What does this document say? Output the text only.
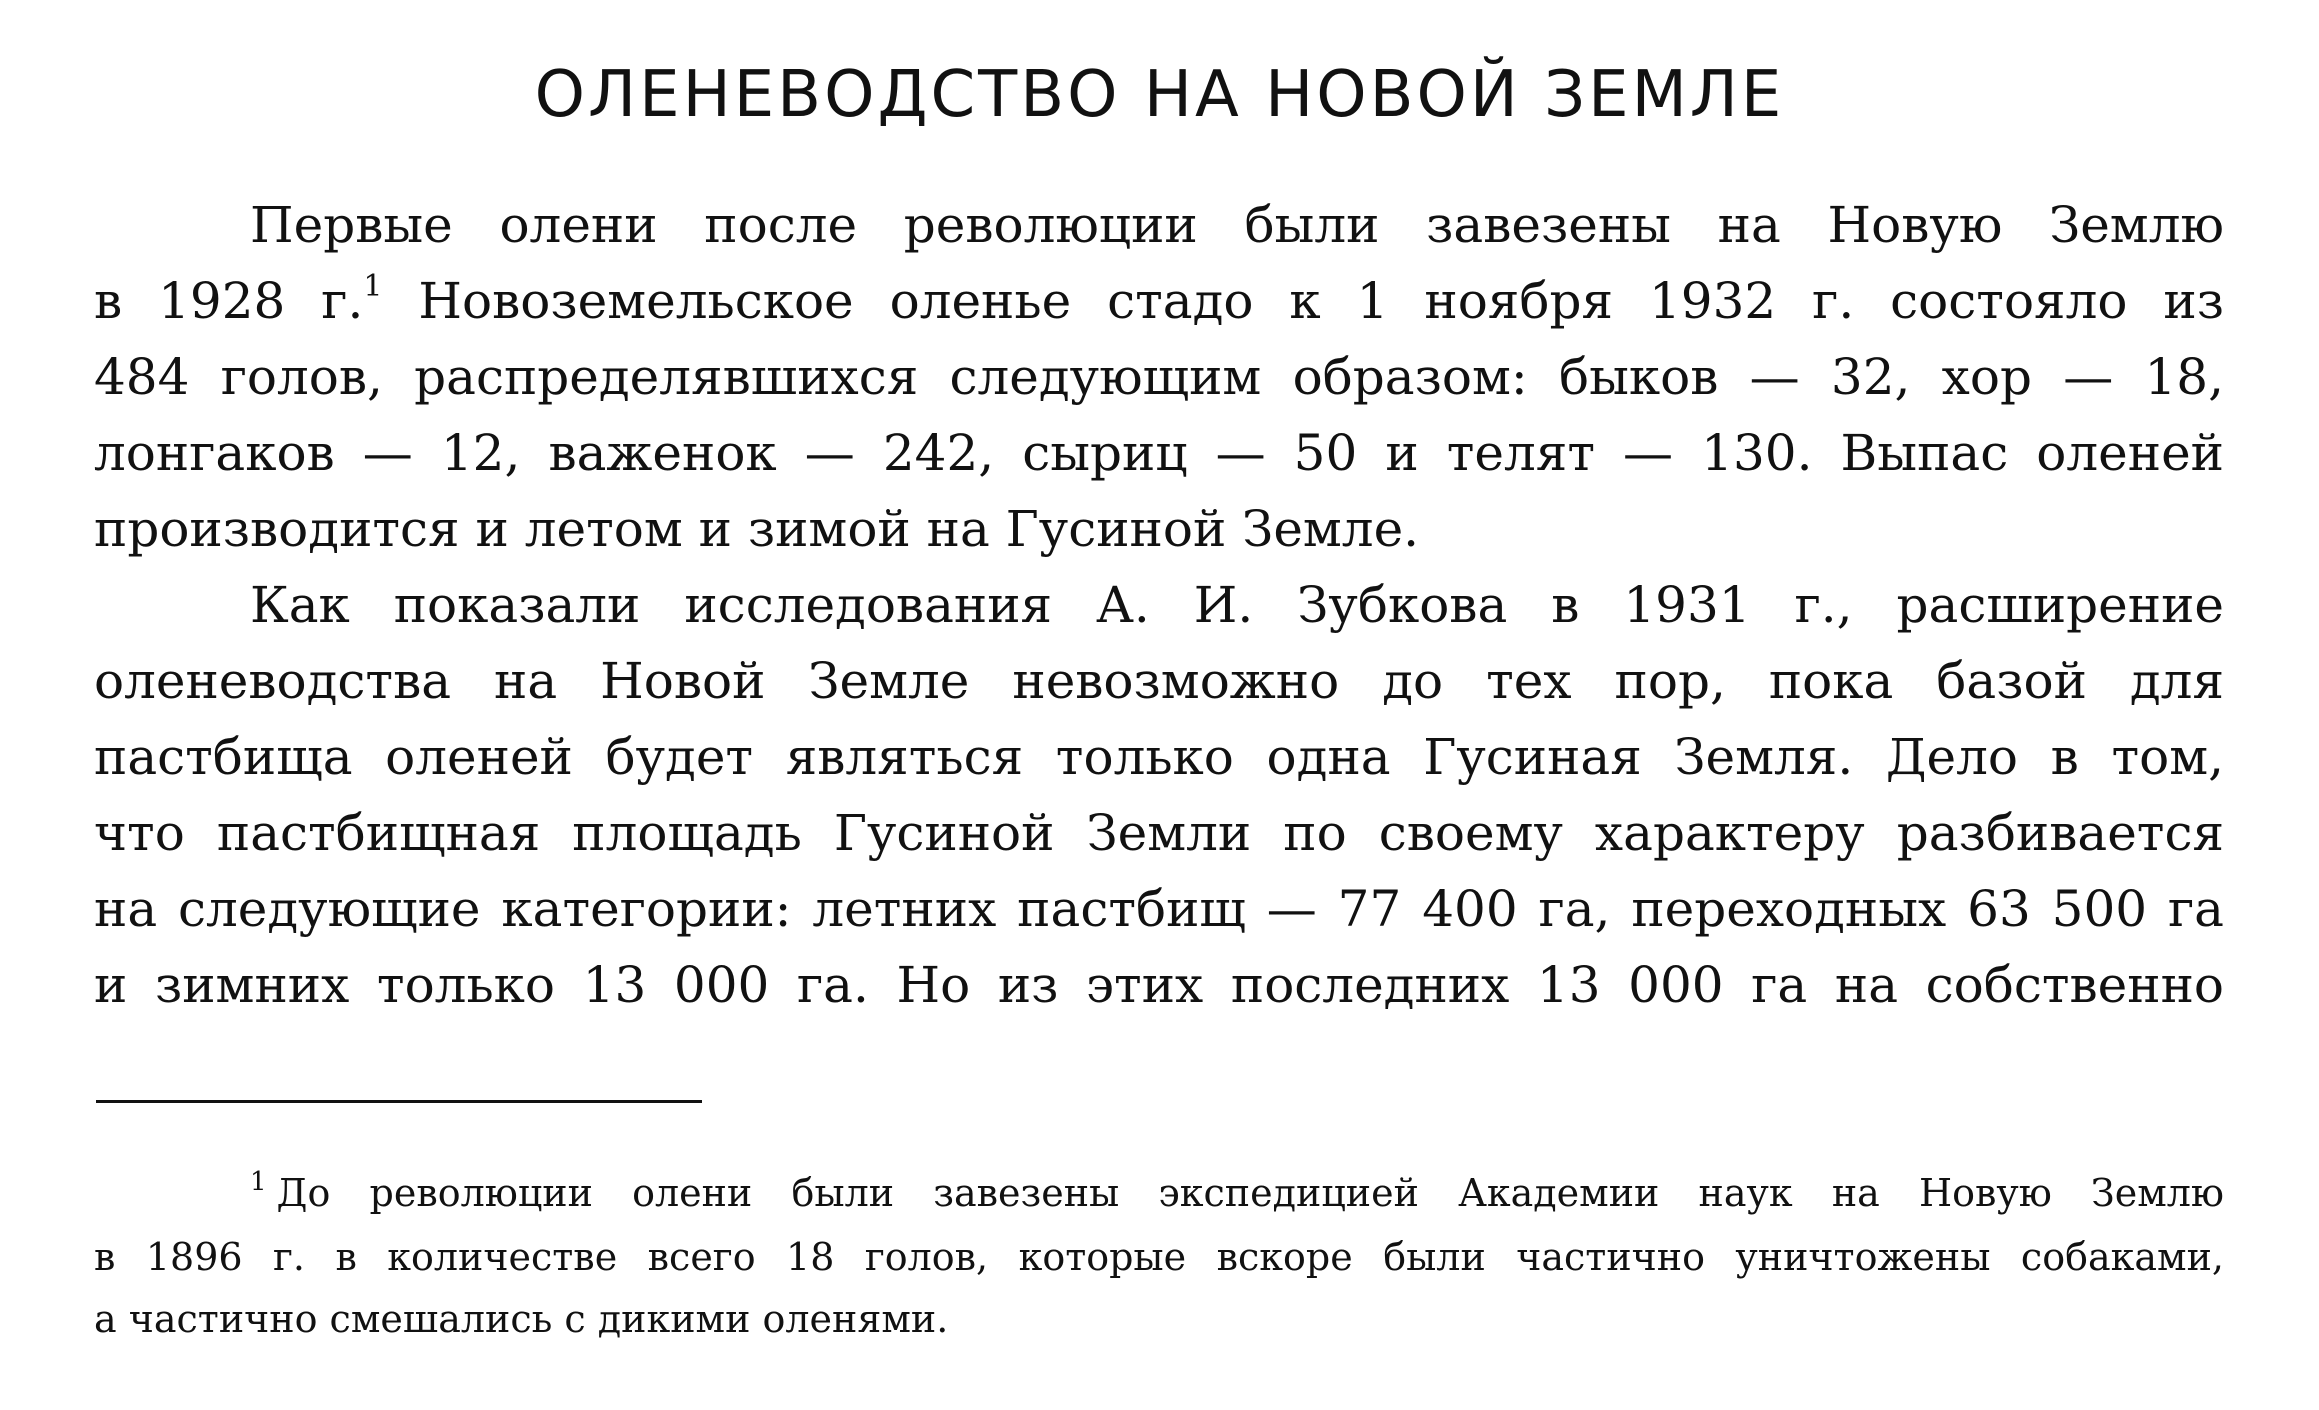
ОЛЕНЕВОДСТВО НА НОВОЙ ЗЕМЛЕ
Первые олени после революции были завезены на Новую Землю
в 1928 г.$^1$ Новоземельское оленье стадо к 1 ноября 1932 г. состояло из
484 голов, распределявшихся следующим образом: быков — 32, хор — 18,
лонгаков — 12, важенок — 242, сыриц — 50 и телят — 130. Выпас оленей
производится и летом и зимой на Гусиной Земле.
Как показали исследования А. И. Зубкова в 1931 г., расширение
оленеводства на Новой Земле невозможно до тех пор, пока базой для
пастбища оленей будет являться только одна Гусиная Земля. Дело в том,
что пастбищная площадь Гусиной Земли по своему характеру разбивается
на следующие категории: летних пастбищ — 77 400 га, переходных 63 500 га
и зимних только 13 000 га. Но из этих последних 13 000 га на собственно
$^1$ До революции олени были завезены экспедицией Академии наук на Новую Землю
в 1896 г. в количестве всего 18 голов, которые вскоре были частично уничтожены собаками,
а частично смешались с дикими оленями.
